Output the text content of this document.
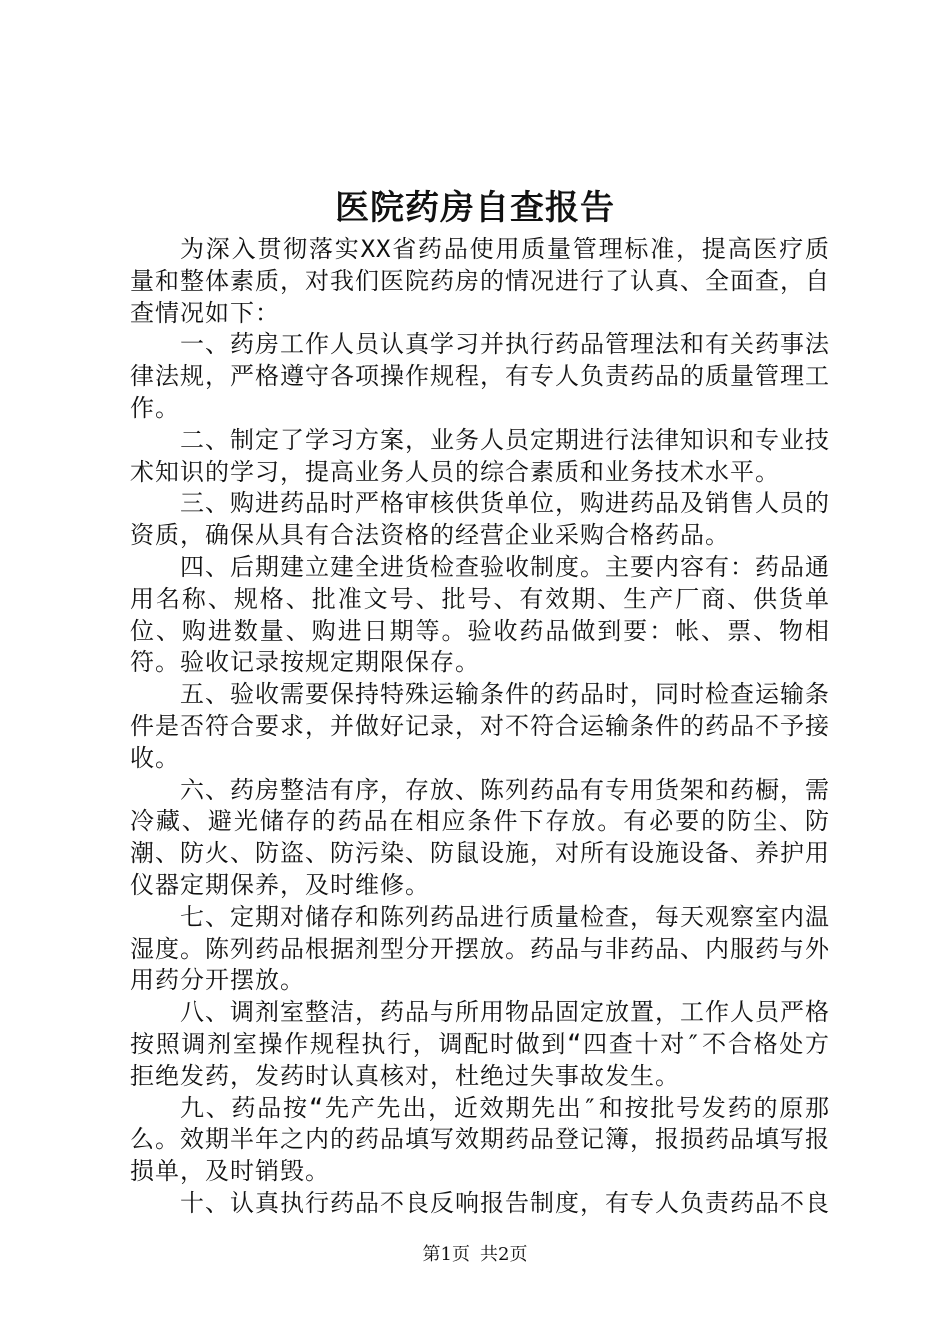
医院药房自查报告

为深入贯彻落实XX省药品使用质量管理标准，提高医疗质量和整体素质，对我们医院药房的情况进行了认真、全面查，自查情况如下：

一、药房工作人员认真学习并执行药品管理法和有关药事法律法规，严格遵守各项操作规程，有专人负责药品的质量管理工作。

二、制定了学习方案，业务人员定期进行法律知识和专业技术知识的学习，提高业务人员的综合素质和业务技术水平。

三、购进药品时严格审核供货单位，购进药品及销售人员的资质，确保从具有合法资格的经营企业采购合格药品。

四、后期建立建全进货检查验收制度。主要内容有：药品通用名称、规格、批准文号、批号、有效期、生产厂商、供货单位、购进数量、购进日期等。验收药品做到要：帐、票、物相符。验收记录按规定期限保存。

五、验收需要保持特殊运输条件的药品时，同时检查运输条件是否符合要求，并做好记录，对不符合运输条件的药品不予接收。

六、药房整洁有序，存放、陈列药品有专用货架和药橱，需冷藏、避光储存的药品在相应条件下存放。有必要的防尘、防潮、防火、防盗、防污染、防鼠设施，对所有设施设备、养护用仪器定期保养，及时维修。

七、定期对储存和陈列药品进行质量检查，每天观察室内温湿度。陈列药品根据剂型分开摆放。药品与非药品、内服药与外用药分开摆放。

八、调剂室整洁，药品与所用物品固定放置，工作人员严格按照调剂室操作规程执行，调配时做到“四查十对″不合格处方拒绝发药，发药时认真核对，杜绝过失事故发生。

九、药品按“先产先出，近效期先出″和按批号发药的原那么。效期半年之内的药品填写效期药品登记簿，报损药品填写报损单，及时销毁。

十、认真执行药品不良反响报告制度，有专人负责药品不良

第1页 共2页
